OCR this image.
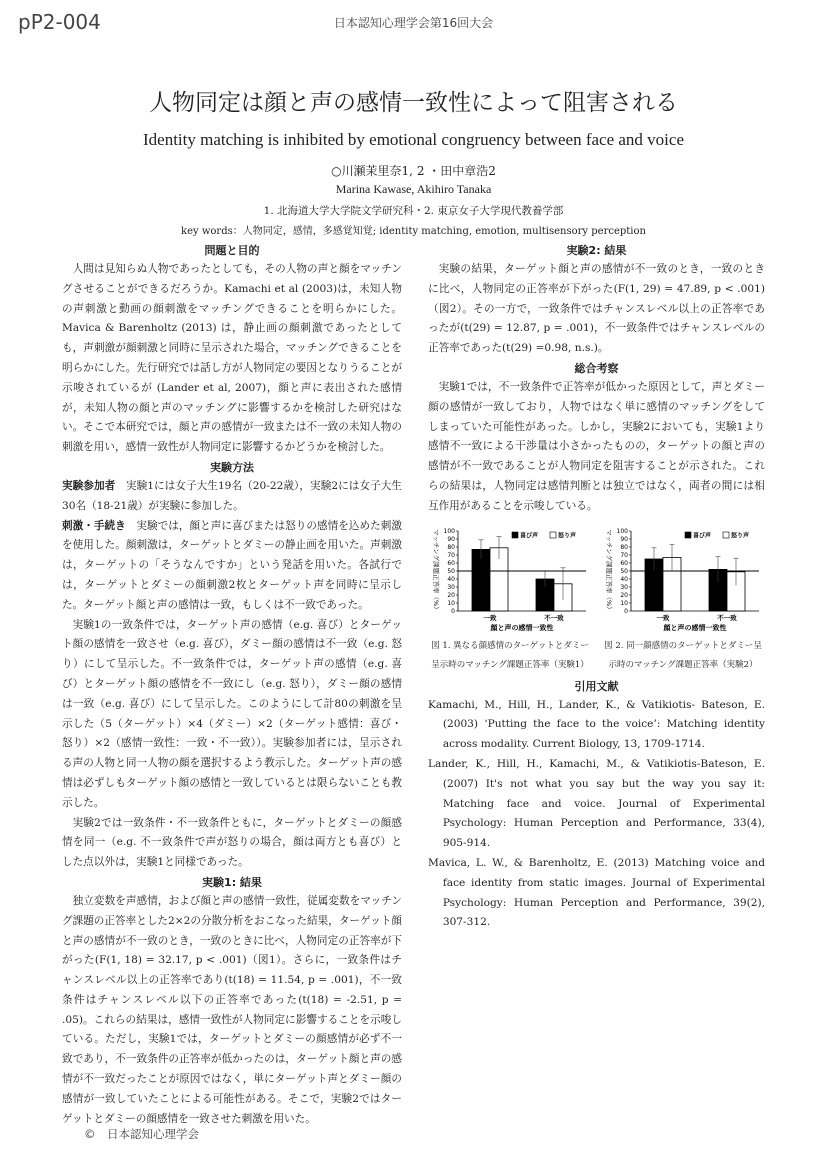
pP2-004	日本認知心理学会第16回大会
人物同定は顔と声の感情一致性によって阻害される
Identity matching is inhibited by emotional congruency between face and voice
○川瀬茉里奈1, 2 ・田中章浩2
Marina Kawase, Akihiro Tanaka
1. 北海道大学大学院文学研究科・2. 東京女子大学現代教養学部
key words：人物同定，感情，多感覚知覚; identity matching, emotion, multisensory perception
問題と目的

人間は見知らぬ人物であったとしても，その人物の声と顔をマッチングさせることができるだろうか。Kamachi et al (2003)は，未知人物の声刺激と動画の顔刺激をマッチングできることを明らかにした。Mavica & Barenholtz (2013) は，静止画の顔刺激であったとしても，声刺激が顔刺激と同時に呈示された場合，マッチングできることを明らかにした。先行研究では話し方が人物同定の要因となりうることが示唆されているが (Lander et al, 2007)，顔と声に表出された感情が，未知人物の顔と声のマッチングに影響するかを検討した研究はない。そこで本研究では，顔と声の感情が一致または不一致の未知人物の刺激を用い，感情一致性が人物同定に影響するかどうかを検討した。

実験方法

実験参加者　 実験1には女子大生19名（20-22歳），実験2には女子大生30名（18-21歳）が実験に参加した。

刺激・手続き　 実験では，顔と声に喜びまたは怒りの感情を込めた刺激を使用した。顔刺激は，ターゲットとダミーの静止画を用いた。声刺激は，ターゲットの「そうなんですか」という発話を用いた。各試行では，ターゲットとダミーの顔刺激2枚とターゲット声を同時に呈示した。ターゲット顔と声の感情は一致，もしくは不一致であった。

実験1の一致条件では，ターゲット声の感情（e.g. 喜び）とターゲット顔の感情を一致させ（e.g. 喜び），ダミー顔の感情は不一致（e.g. 怒り）にして呈示した。不一致条件では，ターゲット声の感情（e.g. 喜び）とターゲット顔の感情を不一致にし（e.g. 怒り），ダミー顔の感情は一致（e.g. 喜び）にして呈示した。このようにして計80の刺激を呈示した（5（ターゲット）×4（ダミー）×2（ターゲット感情：喜び・怒り）×2（感情一致性：一致・不一致））。実験参加者には，呈示される声の人物と同一人物の顔を選択するよう教示した。ターゲット声の感情は必ずしもターゲット顔の感情と一致しているとは限らないことも教示した。

実験2では一致条件・不一致条件ともに，ターゲットとダミーの顔感情を同一（e.g. 不一致条件で声が怒りの場合，顔は両方とも喜び）とした点以外は，実験1と同様であった。

実験1: 結果

独立変数を声感情，および顔と声の感情一致性，従属変数をマッチング課題の正答率とした2×2の分散分析をおこなった結果，ターゲット顔と声の感情が不一致のとき，一致のときに比べ，人物同定の正答率が下がった(F(1, 18) = 32.17, p < .001)（図1）。さらに，一致条件はチャンスレベル以上の正答率であり(t(18) = 11.54, p = .001)，不一致条件はチャンスレベル以下の正答率であった(t(18) = -2.51, p = .05)。これらの結果は，感情一致性が人物同定に影響することを示唆している。ただし，実験1では，ターゲットとダミーの顔感情が必ず不一致であり，不一致条件の正答率が低かったのは，ターゲット顔と声の感情が不一致だったことが原因ではなく，単にターゲット声とダミー顔の感情が一致していたことによる可能性がある。そこで，実験2ではターゲットとダミーの顔感情を一致させた刺激を用いた。

実験2: 結果

実験の結果，ターゲット顔と声の感情が不一致のとき，一致のときに比べ，人物同定の正答率が下がった(F(1, 29) = 47.89, p < .001)（図2）。その一方で，一致条件ではチャンスレベル以上の正答率であったが(t(29) = 12.87, p = .001)，不一致条件ではチャンスレベルの正答率であった(t(29) =0.98, n.s.)。

総合考察

実験1では，不一致条件で正答率が低かった原因として，声とダミー顔の感情が一致しており，人物ではなく単に感情のマッチングをしてしまっていた可能性があった。しかし，実験2においても，実験1より感情不一致による干渉量は小さかったものの，ターゲットの顔と声の感情が不一致であることが人物同定を阻害することが示された。これらの結果は，人物同定は感情判断とは独立ではなく，両者の間には相互作用があることを示唆している。

マッチング課題正答率（%） 0
10
20
30
40
50
60
70
80
90
100
一致	不一致
顔と声の感情一致性
喜び声	怒り声
図 1. 異なる顔感情のターゲットとダミー呈示時のマッチング課題正答率（実験1）
マッチング課題正答率（%） 0
10
20
30
40
50
60
70
80
90
100
一致	不一致
顔と声の感情一致性
喜び声	怒り声
図 2. 同一顔感情のターゲットとダミー呈示時のマッチング課題正答率（実験2）
引用文献

Kamachi, M., Hill, H., Lander, K., & Vatikiotis- Bateson, E. (2003) ‘Putting the face to the voice’: Matching identity across modality. Current Biology, 13, 1709-1714.

Lander, K., Hill, H., Kamachi, M., & Vatikiotis-Bateson, E. (2007) It's not what you say but the way you say it: Matching face and voice. Journal of Experimental Psychology: Human Perception and Performance, 33(4), 905-914.

Mavica, L. W., & Barenholtz, E. (2013) Matching voice and face identity from static images. Journal of Experimental Psychology: Human Perception and Performance, 39(2), 307-312.

©　日本認知心理学会
